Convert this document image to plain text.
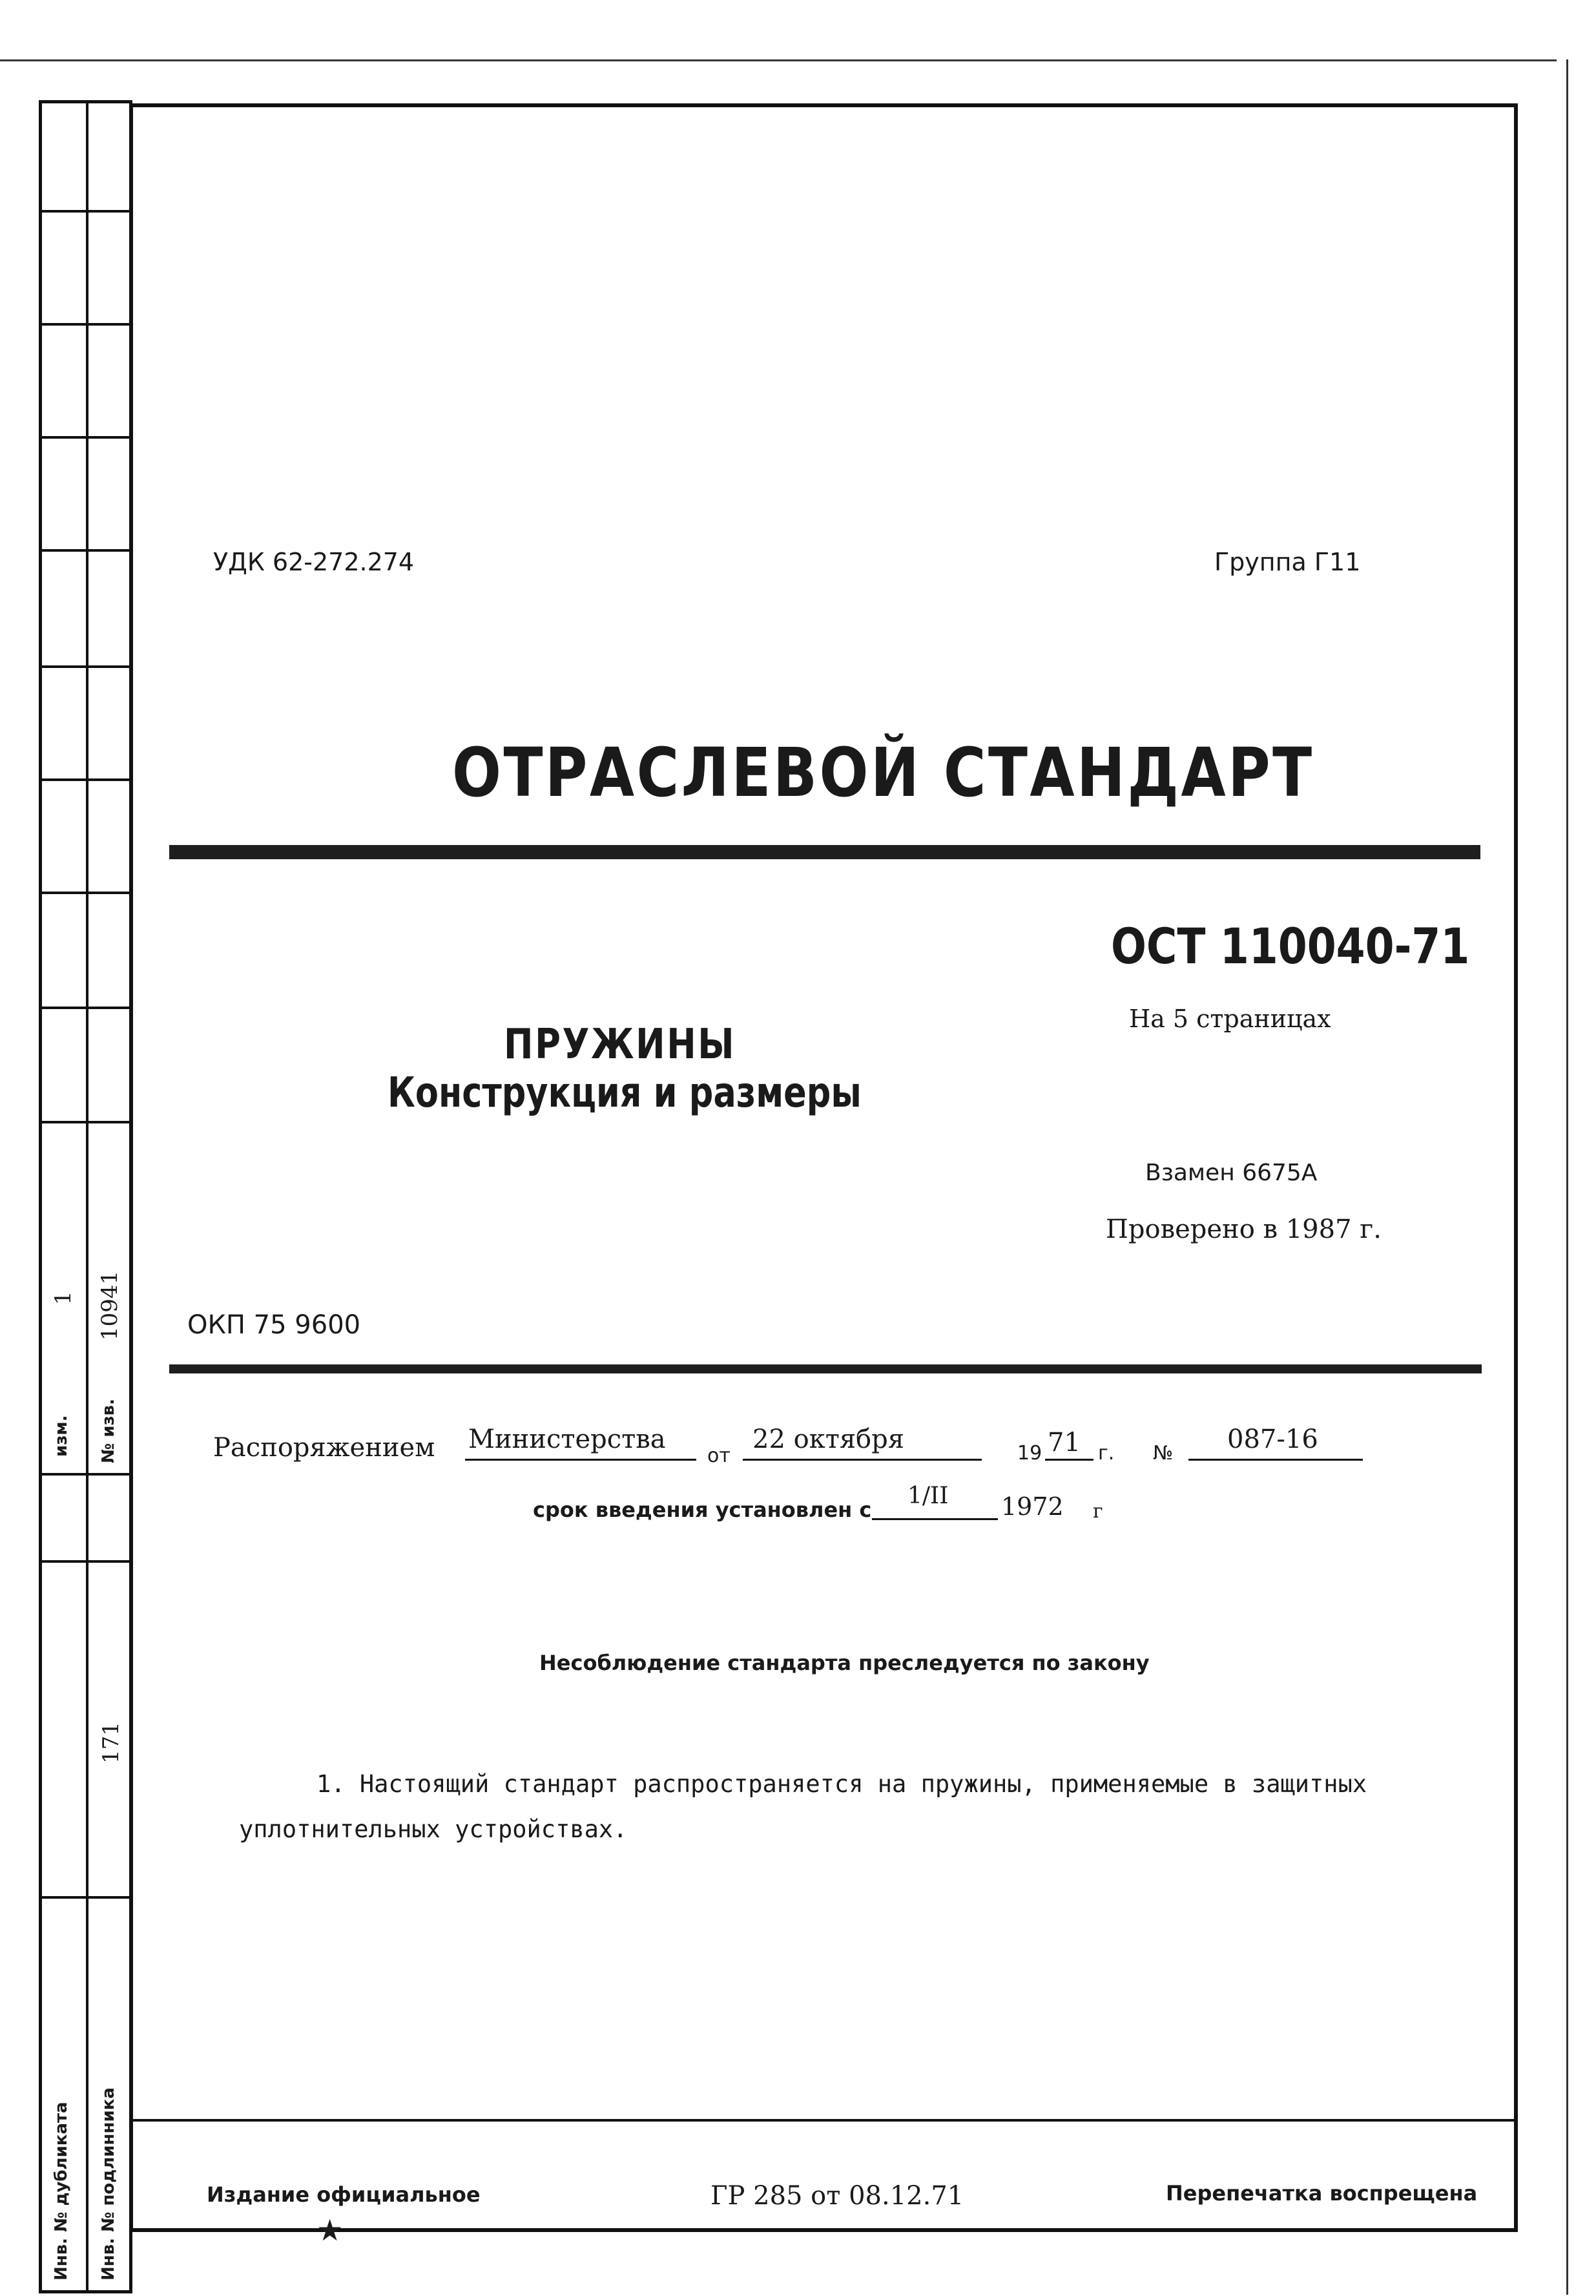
изм.
1
№ изв.
10941
171
Инв. № дубликата Инв. № подлинника
УДК 62-272.274	Группа Г11
ОТРАСЛЕВОЙ СТАНДАРТ
ОСТ 110040-71
На 5 страницах
ПРУЖИНЫ
Конструкция и размеры
Взамен 6675А
Проверено в 1987 г.
ОКП 75 9600
Распоряжением Министерства
от
22 октября	19 71 г. № 087-16
срок введения установлен с
1/II 1972 г
Несоблюдение стандарта преследуется по закону
1. Настоящий стандарт распространяется на пружины, применяемые в защитных уплотнительных устройствах.
Издание официальное
★
ГР 285 от 08.12.71	Перепечатка воспрещена
